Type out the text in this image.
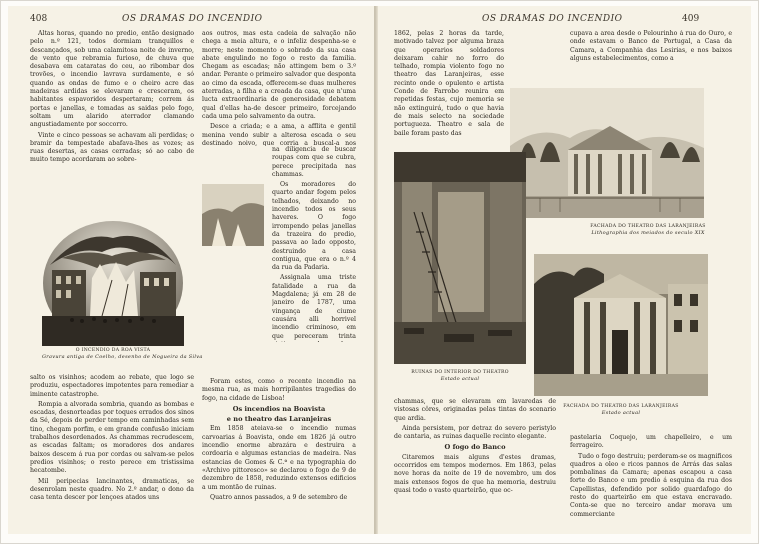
408	OS DRAMAS DO INCENDIO

Altas horas, quando no predio, então designado pelo n.º 121, todos dormiam tranquillos e descançados, sob uma calamitosa noite de inverno, de vento que rebramia furioso, de chuva que desabava em cataratas do ceu, ao ribombar dos trovões, o incendio lavrava surdamente, e só quando as ondas de fumo e o cheiro acre das madeiras ardidas se elevaram e cresceram, os habitantes espavoridos despertaram; correm ás portas e janellas, e tomadas as saidas pelo fogo, soltam um alarido aterrador clamando angustiadamente por soccorro.

Vinte e cinco pessoas se achavam ali perdidas; o bramir da tempestade abafava-lhes as vozes; as ruas desertas, as casas cerradas; só ao cabo de muito tempo acordaram ao sobre-

O INCENDIO DA ROA VISTA
Gravura antiga de Coelho, desenho de Nogueira da Silva

salto os visinhos; acodem ao rebate, que logo se produziu, espectadores impotentes para remediar a iminente catastrophe.

Rompia a alvorada sombria, quando as bombas e escadas, desnorteadas por toques errados dos sinos da Sé, depois de perder tempo em caminhadas sem tino, chegam porfim, e em grande confusão iniciam trabalhos desordenados. As chammas recrudescem, as escadas faltam; os moradores dos andares baixos descem á rua por cordas ou salvam-se pelos predios visinhos; o resto perece em tristissima hecatombe.

Mil peripecias lancinantes, dramaticas, se desenrolam neste quadro. No 2.º andar, o dono da casa tenta descer por lençoes atados uns

aos outros, mas esta cadeia de salvação não chega a meia altura, e o infeliz despenha-se e morre; neste momento o sobrado da sua casa abate engulindo no fogo o resto da familia. Chegam as escadas; não attingem bem o 3.º andar. Perante o primeiro salvador que desponta ao cimo da escada, offerecem-se duas mulheres aterradas, a filha e a creada da casa, que n'uma lucta extraordinaria de generosidade debatem qual d'ellas ha-de descer primeiro, forcejando cada uma pelo salvamento da outra.

Desce a criada; e a ama, a afflita e gentil menina vendo subir a alterosa escada o seu destinado noivo, que corria a buscal-a nos

na diligencia de buscar roupas com que se cubra, perece precipitada nas chammas.

Os moradores do quarto andar fogem pelos telhados, deixando no incendio todos os seus haveres. O fogo irrompendo pelas janellas da trazeira do predio, passava ao lado opposto, destruindo a casa contigua, que era o n.º 4 da rua da Padaria.

Assignala uma triste fatalidade a rua da Magdalena; já em 28 de janeiro de 1787, uma vingança de ciume causára alli horrivel incendio criminoso, em que pereceram trinta

Foram estes, como o recente incendio na mesma rua, as mais horripilantes tragedias do fogo, na cidade de Lisboa!

Os incendios na Boavista

e no theatro das Laranjeiras

Em 1858 ateiava-se o incendio numas carvoarias á Boavista, onde em 1826 já outro incendio enorme abrazára e destruira a cordoaria e algumas estancias de madeira. Nas estancias de Gomes & C.ª e na typographia do «Archivo pittoresco» se declarou o fogo de 9 de dezembro de 1858, reduzindo extensos edificios a um montão de ruinas.

Quatro annos passados, a 9 de setembro de

OS DRAMAS DO INCENDIO	409

1862, pelas 2 horas da tarde, motivado talvez por alguma braza que operarios soldadores deixaram cahir no forro do telhado, rompia violento fogo no theatro das Laranjeiras, esse recinto onde o opulento e artista Conde de Farrobo reunira em repetidas festas, cujo memoria se não extinguirá, tudo o que havia de mais selecto na sociedade portugueza. Theatro e sala de baile foram pasto das

cupava a area desde o Pelourinho á rua do Ouro, e onde estavam o Banco de Portugal, a Casa da Camara, a Companhia das Lesirias, e nos baixos alguns estabelecimentos, como a

FACHADA DO THEATRO DAS LARANJEIRAS
Lithographia dos meiados do seculo XIX
RUINAS DO INTERIOR DO THEATRO
Estado actual
FACHADA DO THEATRO DAS LARANJEIRAS
Estado actual

chammas, que se elevaram em lavaredas de vistosas côres, originadas pelas tintas do scenario que ardia.

Ainda persistem, por detraz do severo peristylo de cantaria, as ruinas daquelle recinto elegante.

O fogo do Banco

Citaremos mais alguns d'estes dramas, occorridos em tempos modernos. Em 1863, pelas nove horas da noite de 19 de novembro, um dos mais extensos fogos de que ha memoria, destruiu quasi todo o vasto quarteirão, que oc-

pastelaria Coquejo, um chapelleiro, e um ferrageiro.

Tudo o fogo destruiu; perderam-se os magnificos quadros a oleo e ricos pannos de Arrás das salas pombalinas da Camara; apenas escapou a casa forte do Banco e um predio á esquina da rua dos Capellistas, defendido por solido guardafogo do resto do quarteirão em que estava encravado. Conta-se que no terceiro andar morava um commerciante
